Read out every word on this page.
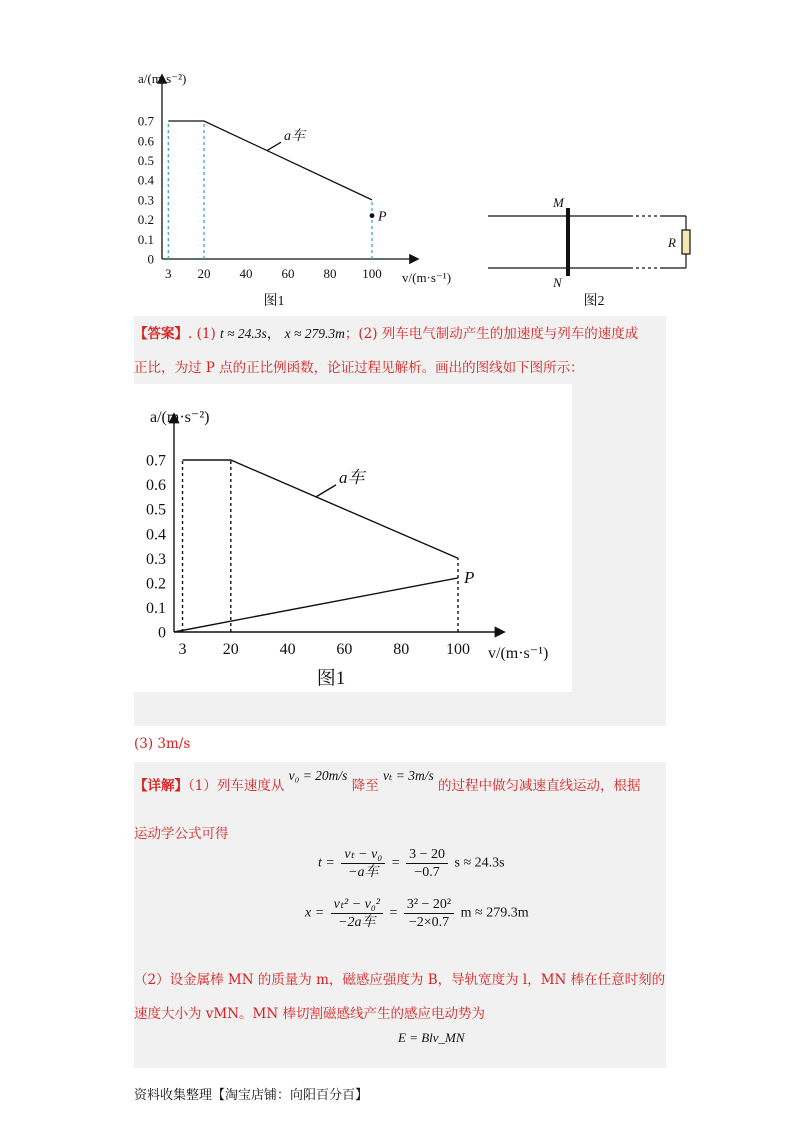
0
0.1
0.2
0.3
0.4
0.5
0.6
0.7
3 20 40 60 80 100
a车
P
a/(m·s⁻²)
v/(m·s⁻¹)
图1
M
N
R
图2
【答案】. (1) t ≈ 24.3s， x ≈ 279.3m；(2) 列车电气制动产生的加速度与列车的速度成
正比，为过 P 点的正比例函数，论证过程见解析。画出的图线如下图所示：
0
0.1
0.2
0.3
0.4
0.5
0.6
0.7
3 20	40	60	80 100
a车
P
a/(m·s⁻²)
v/(m·s⁻¹)
图1
(3) 3m/s
【详解】（1）列车速度从 v₀ = 20m/s 降至 vₜ = 3m/s 的过程中做匀减速直线运动，根据
运动学公式可得
$t = \frac{\text{vₜ − v₀}}{\text{−a车}} = \frac{3 - 20}{-0.7}$ s ≈ 24.3s
$x = \frac{\text{vₜ² − v₀²}}{\text{−2a车}} = \frac{\text{3² − 20²}}{-2\times 0.7}$ m ≈ 279.3m
（2）设金属棒 MN 的质量为 m，磁感应强度为 B，导轨宽度为 l，MN 棒在任意时刻的
速度大小为 vMN。MN 棒切割磁感线产生的感应电动势为
E = Blv_MN
资料收集整理【淘宝店铺：向阳百分百】
